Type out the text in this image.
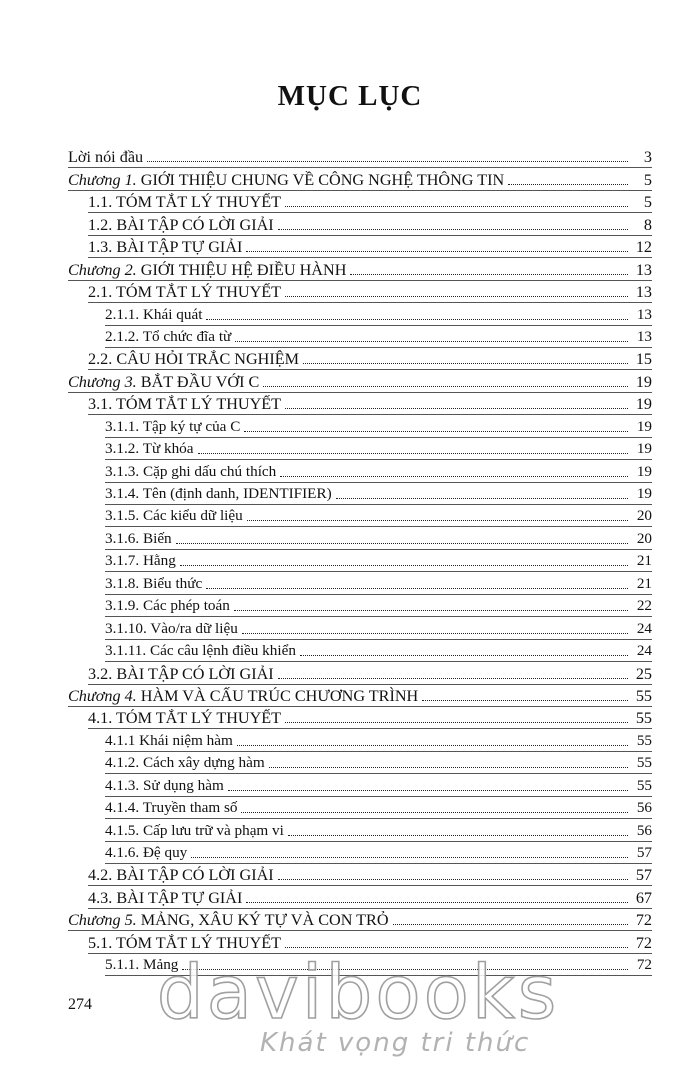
MỤC LỤC
Lời nói đầu	3
Chương 1. GIỚI THIỆU CHUNG VỀ CÔNG NGHỆ THÔNG TIN	5
1.1. TÓM TẮT LÝ THUYẾT	5
1.2. BÀI TẬP CÓ LỜI GIẢI	8
1.3. BÀI TẬP TỰ GIẢI	12
Chương 2. GIỚI THIỆU HỆ ĐIỀU HÀNH	13
2.1. TÓM TẮT LÝ THUYẾT	13
2.1.1. Khái quát	13
2.1.2. Tổ chức đĩa từ	13
2.2. CÂU HỎI TRẮC NGHIỆM	15
Chương 3. BẮT ĐẦU VỚI C	19
3.1. TÓM TẮT LÝ THUYẾT	19
3.1.1. Tập ký tự của C	19
3.1.2. Từ khóa	19
3.1.3. Cặp ghi dấu chú thích	19
3.1.4. Tên (định danh, IDENTIFIER)	19
3.1.5. Các kiểu dữ liệu	20
3.1.6. Biến	20
3.1.7. Hằng	21
3.1.8. Biểu thức	21
3.1.9. Các phép toán	22
3.1.10. Vào/ra dữ liệu	24
3.1.11. Các câu lệnh điều khiển	24
3.2. BÀI TẬP CÓ LỜI GIẢI	25
Chương 4. HÀM VÀ CẤU TRÚC CHƯƠNG TRÌNH	55
4.1. TÓM TẮT LÝ THUYẾT	55
4.1.1 Khái niệm hàm	55
4.1.2. Cách xây dựng hàm	55
4.1.3. Sử dụng hàm	55
4.1.4. Truyền tham số	56
4.1.5. Cấp lưu trữ và phạm vi	56
4.1.6. Đệ quy	57
4.2. BÀI TẬP CÓ LỜI GIẢI	57
4.3. BÀI TẬP TỰ GIẢI	67
Chương 5. MẢNG, XÂU KÝ TỰ VÀ CON TRỎ	72
5.1. TÓM TẮT LÝ THUYẾT	72
5.1.1. Mảng	72

274 davibooks

Khát vọng tri thức
